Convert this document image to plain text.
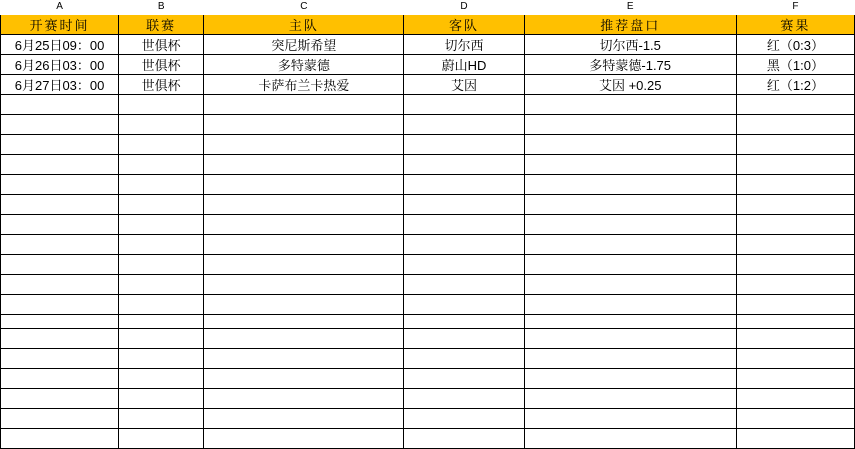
A	B	C	D	E	F
开赛时间	联赛	主队	客队	推荐盘口	赛果
6月25日09：00	世俱杯	突尼斯希望	切尔西	切尔西-1.5	红（0:3）
6月26日03：00	世俱杯	多特蒙德	蔚山HD	多特蒙德-1.75	黑（1:0）
6月27日03：00	世俱杯	卡萨布兰卡热爱	艾因	艾因 +0.25	红（1:2）
